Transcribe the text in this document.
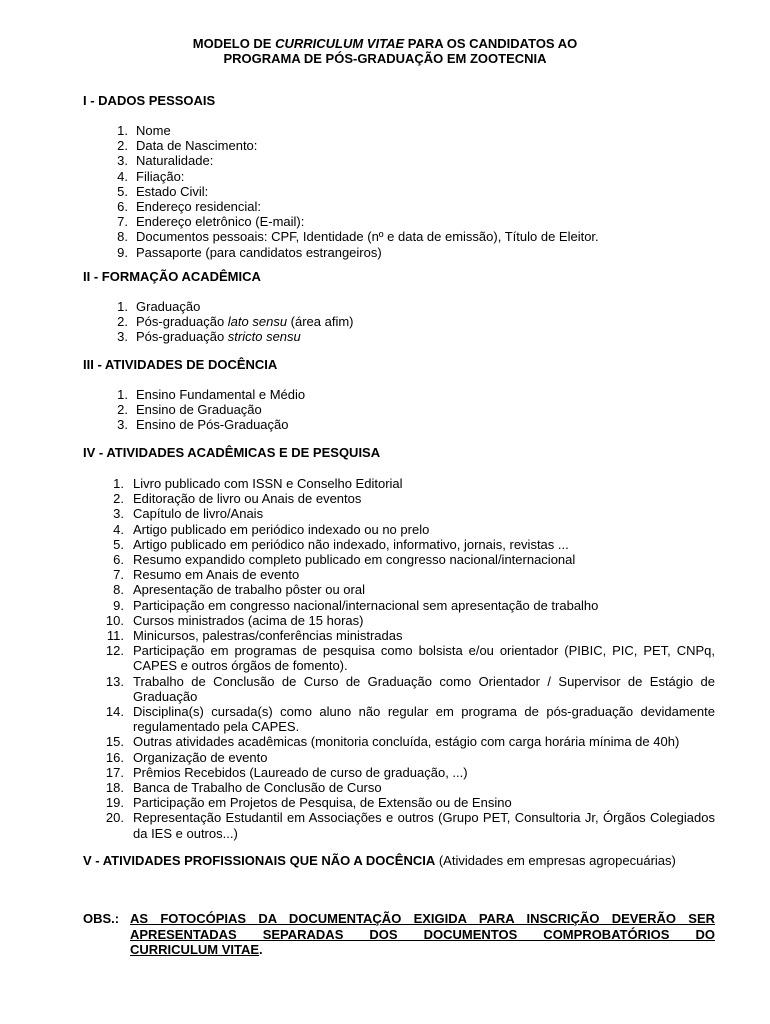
MODELO DE CURRICULUM VITAE PARA OS CANDIDATOS AO
PROGRAMA DE PÓS-GRADUAÇÃO EM ZOOTECNIA
I - DADOS PESSOAIS
1. Nome
2. Data de Nascimento:
3. Naturalidade:
4. Filiação:
5. Estado Civil:
6. Endereço residencial:
7. Endereço eletrônico (E-mail):
8. Documentos pessoais: CPF, Identidade (nº e data de emissão), Título de Eleitor.
9. Passaporte (para candidatos estrangeiros)
II - FORMAÇÃO ACADÊMICA
1. Graduação
2. Pós-graduação lato sensu (área afim)
3. Pós-graduação stricto sensu
III - ATIVIDADES DE DOCÊNCIA
1. Ensino Fundamental e Médio
2. Ensino de Graduação
3. Ensino de Pós-Graduação
IV - ATIVIDADES ACADÊMICAS E DE PESQUISA
1. Livro publicado com ISSN e Conselho Editorial
2. Editoração de livro ou Anais de eventos
3. Capítulo de livro/Anais
4. Artigo publicado em periódico indexado ou no prelo
5. Artigo publicado em periódico não indexado, informativo, jornais, revistas ...
6. Resumo expandido completo publicado em congresso nacional/internacional
7. Resumo em Anais de evento
8. Apresentação de trabalho pôster ou oral
9. Participação em congresso nacional/internacional sem apresentação de trabalho
10. Cursos ministrados (acima de 15 horas)
11. Minicursos, palestras/conferências ministradas
12. Participação em programas de pesquisa como bolsista e/ou orientador (PIBIC, PIC, PET, CNPq, CAPES e outros órgãos de fomento).
13. Trabalho de Conclusão de Curso de Graduação como Orientador / Supervisor de Estágio de Graduação
14. Disciplina(s) cursada(s) como aluno não regular em programa de pós-graduação devidamente regulamentado pela CAPES.
15. Outras atividades acadêmicas (monitoria concluída, estágio com carga horária mínima de 40h)
16. Organização de evento
17. Prêmios Recebidos (Laureado de curso de graduação, ...)
18. Banca de Trabalho de Conclusão de Curso
19. Participação em Projetos de Pesquisa, de Extensão ou de Ensino
20. Representação Estudantil em Associações e outros (Grupo PET, Consultoria Jr, Órgãos Colegiados da IES e outros...)
V - ATIVIDADES PROFISSIONAIS QUE NÃO A DOCÊNCIA (Atividades em empresas agropecuárias)
OBS.: AS FOTOCÓPIAS DA DOCUMENTAÇÃO EXIGIDA PARA INSCRIÇÃO DEVERÃO SER
APRESENTADAS SEPARADAS DOS DOCUMENTOS COMPROBATÓRIOS DO
CURRICULUM VITAE.
